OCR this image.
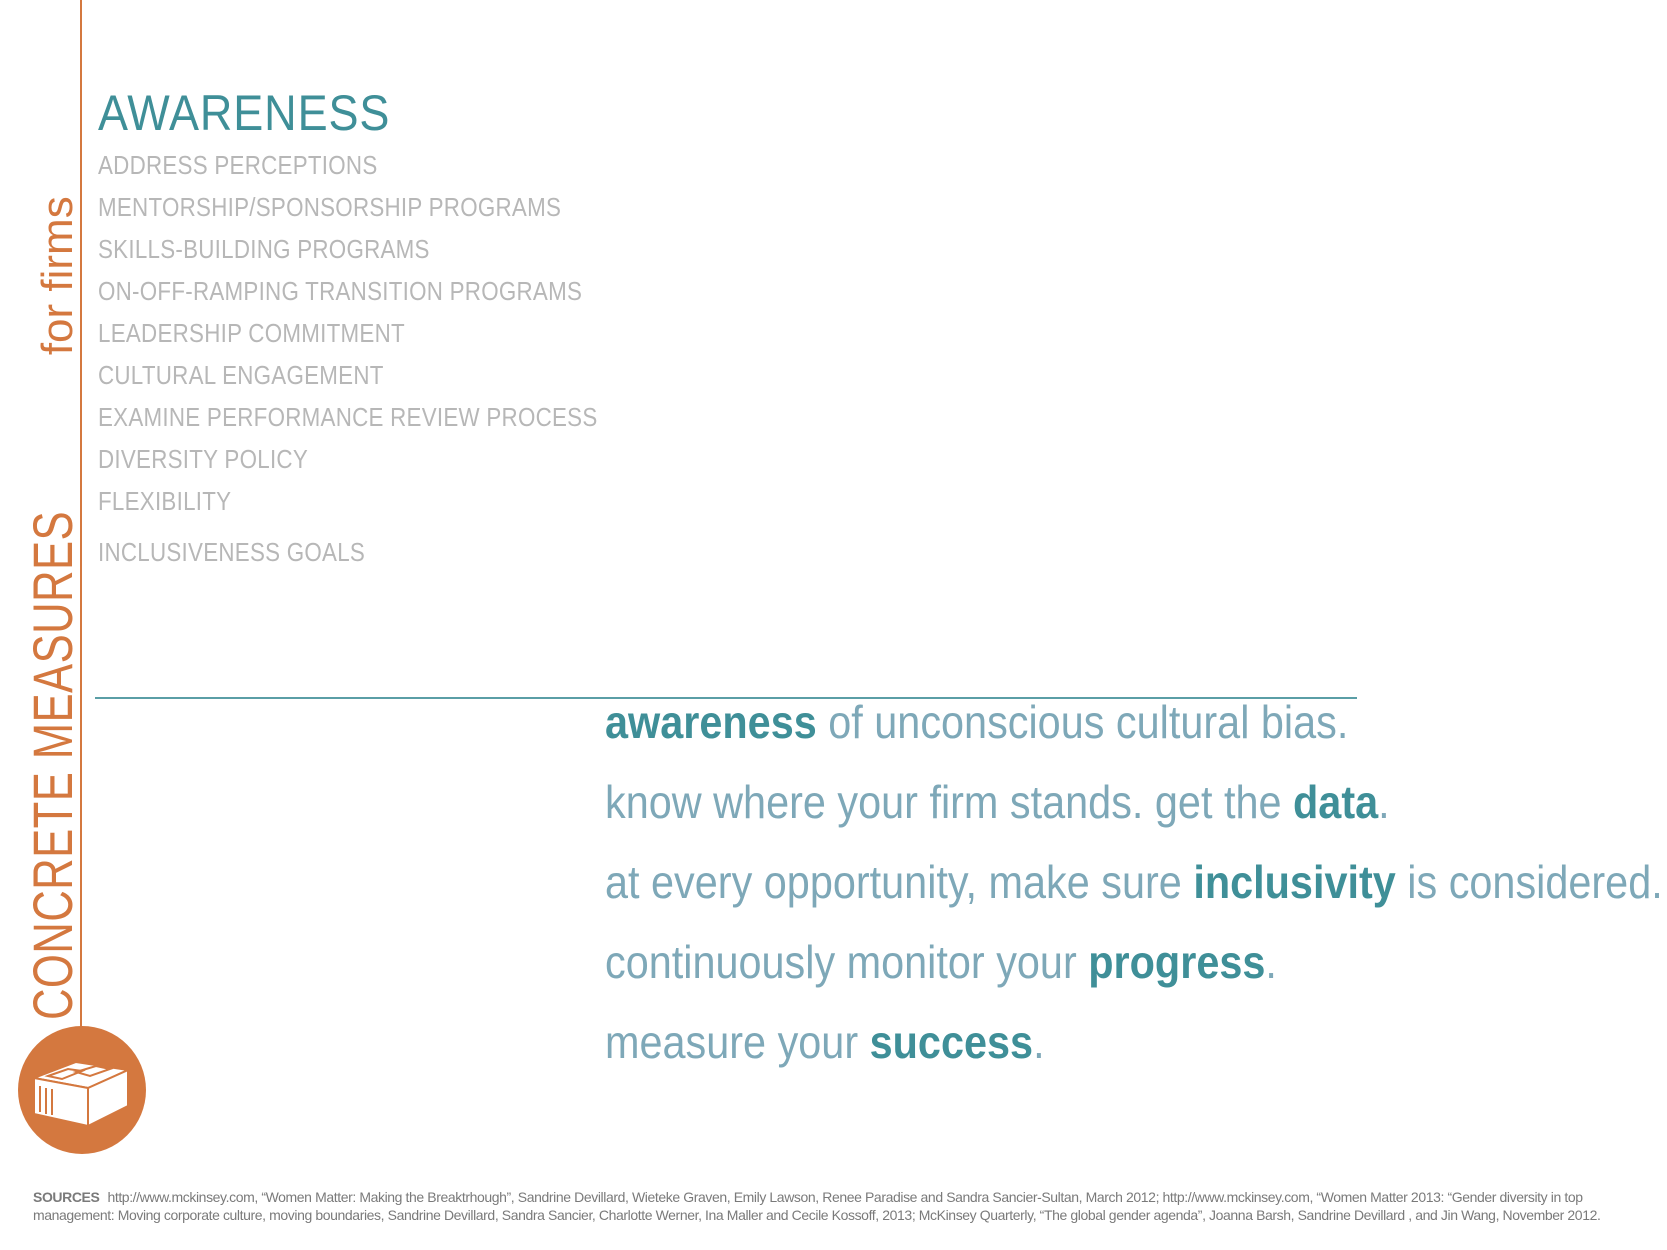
CONCRETE MEASURES for firms
AWARENESS
ADDRESS PERCEPTIONS
MENTORSHIP/SPONSORSHIP PROGRAMS
SKILLS-BUILDING PROGRAMS
ON-OFF-RAMPING TRANSITION PROGRAMS
LEADERSHIP COMMITMENT
CULTURAL ENGAGEMENT
EXAMINE PERFORMANCE REVIEW PROCESS
DIVERSITY POLICY
FLEXIBILITY
INCLUSIVENESS GOALS
awareness of unconscious cultural bias.
know where your firm stands. get the data.
at every opportunity, make sure inclusivity is considered.
continuously monitor your progress.
measure your success.
SOURCES http://www.mckinsey.com, “Women Matter: Making the Breaktrhough”, Sandrine Devillard, Wieteke Graven, Emily Lawson, Renee Paradise and Sandra Sancier-Sultan, March 2012; http://www.mckinsey.com, “Women Matter 2013: “Gender diversity in top management: Moving corporate culture, moving boundaries, Sandrine Devillard, Sandra Sancier, Charlotte Werner, Ina Maller and Cecile Kossoff, 2013; McKinsey Quarterly, “The global gender agenda”, Joanna Barsh, Sandrine Devillard , and Jin Wang, November 2012.
